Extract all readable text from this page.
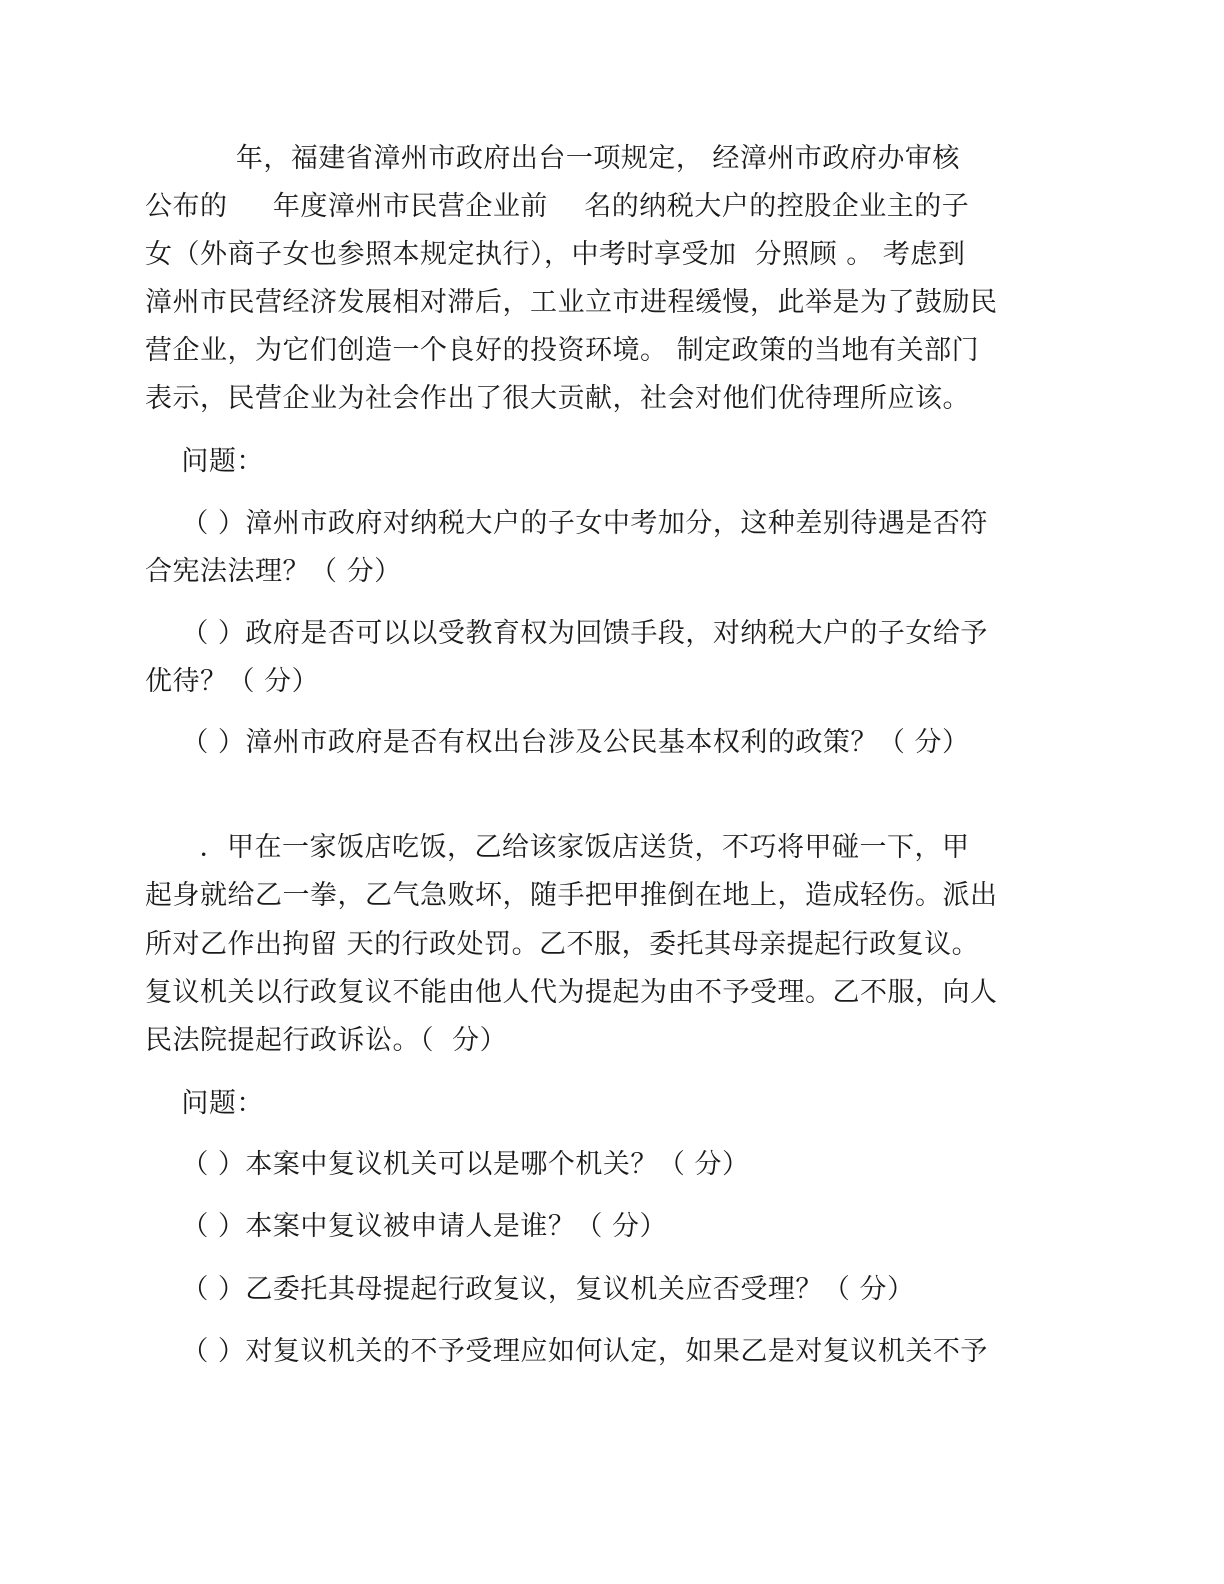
年，福建省漳州市政府出台一项规定， 经漳州市政府办审核
公布的     年度漳州市民营企业前    名的纳税大户的控股企业主的子
女（外商子女也参照本规定执行），中考时享受加  分照顾 。 考虑到
漳州市民营经济发展相对滞后，工业立市进程缓慢，此举是为了鼓励民
营企业，为它们创造一个良好的投资环境。 制定政策的当地有关部门
表示，民营企业为社会作出了很大贡献，社会对他们优待理所应该。
问题：
（ ）漳州市政府对纳税大户的子女中考加分，这种差别待遇是否符
合宪法法理？（ 分）
（ ）政府是否可以以受教育权为回馈手段，对纳税大户的子女给予
优待？（ 分）
（ ）漳州市政府是否有权出台涉及公民基本权利的政策？（ 分）
．甲在一家饭店吃饭，乙给该家饭店送货，不巧将甲碰一下，甲
起身就给乙一拳，乙气急败坏，随手把甲推倒在地上，造成轻伤。派出
所对乙作出拘留 天的行政处罚。乙不服，委托其母亲提起行政复议。
复议机关以行政复议不能由他人代为提起为由不予受理。乙不服，向人
民法院提起行政诉讼。（  分）
问题：
（ ）本案中复议机关可以是哪个机关？（ 分）
（ ）本案中复议被申请人是谁？（ 分）
（ ）乙委托其母提起行政复议，复议机关应否受理？（ 分）
（ ）对复议机关的不予受理应如何认定，如果乙是对复议机关不予
